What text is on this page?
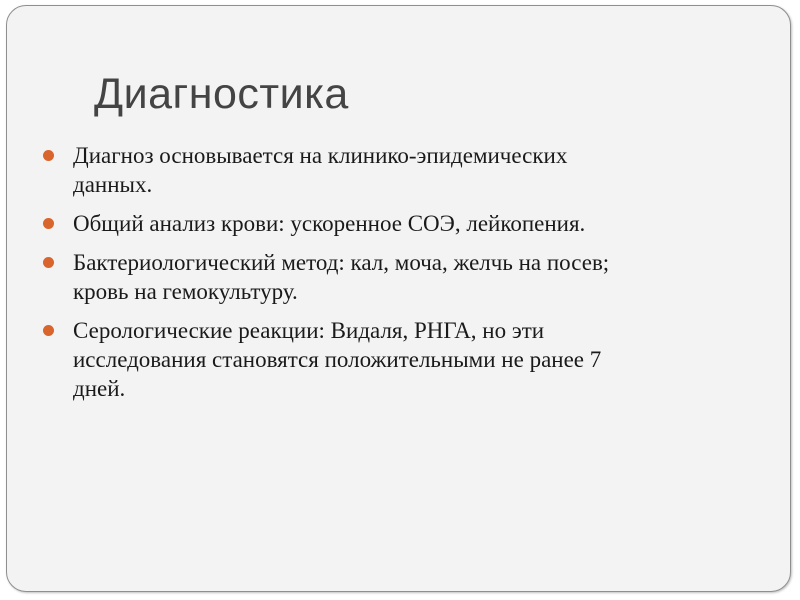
Диагностика
Диагноз основывается на клинико-эпидемических
данных.
Общий анализ крови: ускоренное СОЭ, лейкопения.
Бактериологический метод: кал, моча, желчь на посев;
кровь на гемокультуру.
Серологические реакции: Видаля, РНГА, но эти
исследования становятся положительными не ранее 7
дней.
